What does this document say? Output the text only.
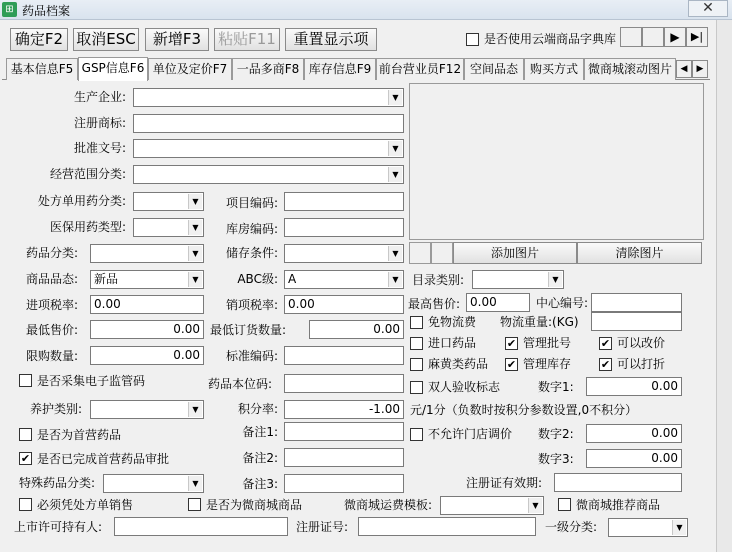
⊞ 药品档案	✕
确定F2 取消ESC	新增F3	粘贴F11	重置显示项	是否使用云端商品字典库	▶	▶|
基本信息F5 GSP信息F6 单位及定价F7 一品多商F8 库存信息F9 前台营业员F12 空间品态 购买方式 微商城滚动图片 ◀	▶
生产企业:	▼
注册商标:
批准文号:	▼
经营范围分类:	▼
处方单用药分类:	▼	项目编码:
医保用药类型:	▼	库房编码:
药品分类:	▼	储存条件:	▼
商品品态:	新品	▼	ABC级: A	▼
进项税率:	0.00	销项税率: 0.00
最低售价:	0.00 最低订货数量:	0.00
限购数量:	0.00	标准编码:
是否采集电子监管码	药品本位码:
养护类别:	▼	积分率:	-1.00
是否为首营药品	备注1:
✔ 是否已完成首营药品审批	备注2:
特殊药品分类:	▼	备注3:
必须凭处方单销售	是否为微商城商品	微商城运费模板:	▼	微商城推荐商品
上市许可持有人:	注册证号:	一级分类:	▼
添加图片	清除图片
目录类别:	▼
最高售价: 0.00	中心编号:
免物流费 物流重量:(KG)
进口药品	✔ 管理批号	✔ 可以改价
麻黄类药品 ✔ 管理库存	✔ 可以打折
双人验收标志	数字1:	0.00
元/1分（负数时按积分参数设置,0不积分）
不允许门店调价 数字2:	0.00
数字3:	0.00
注册证有效期:
